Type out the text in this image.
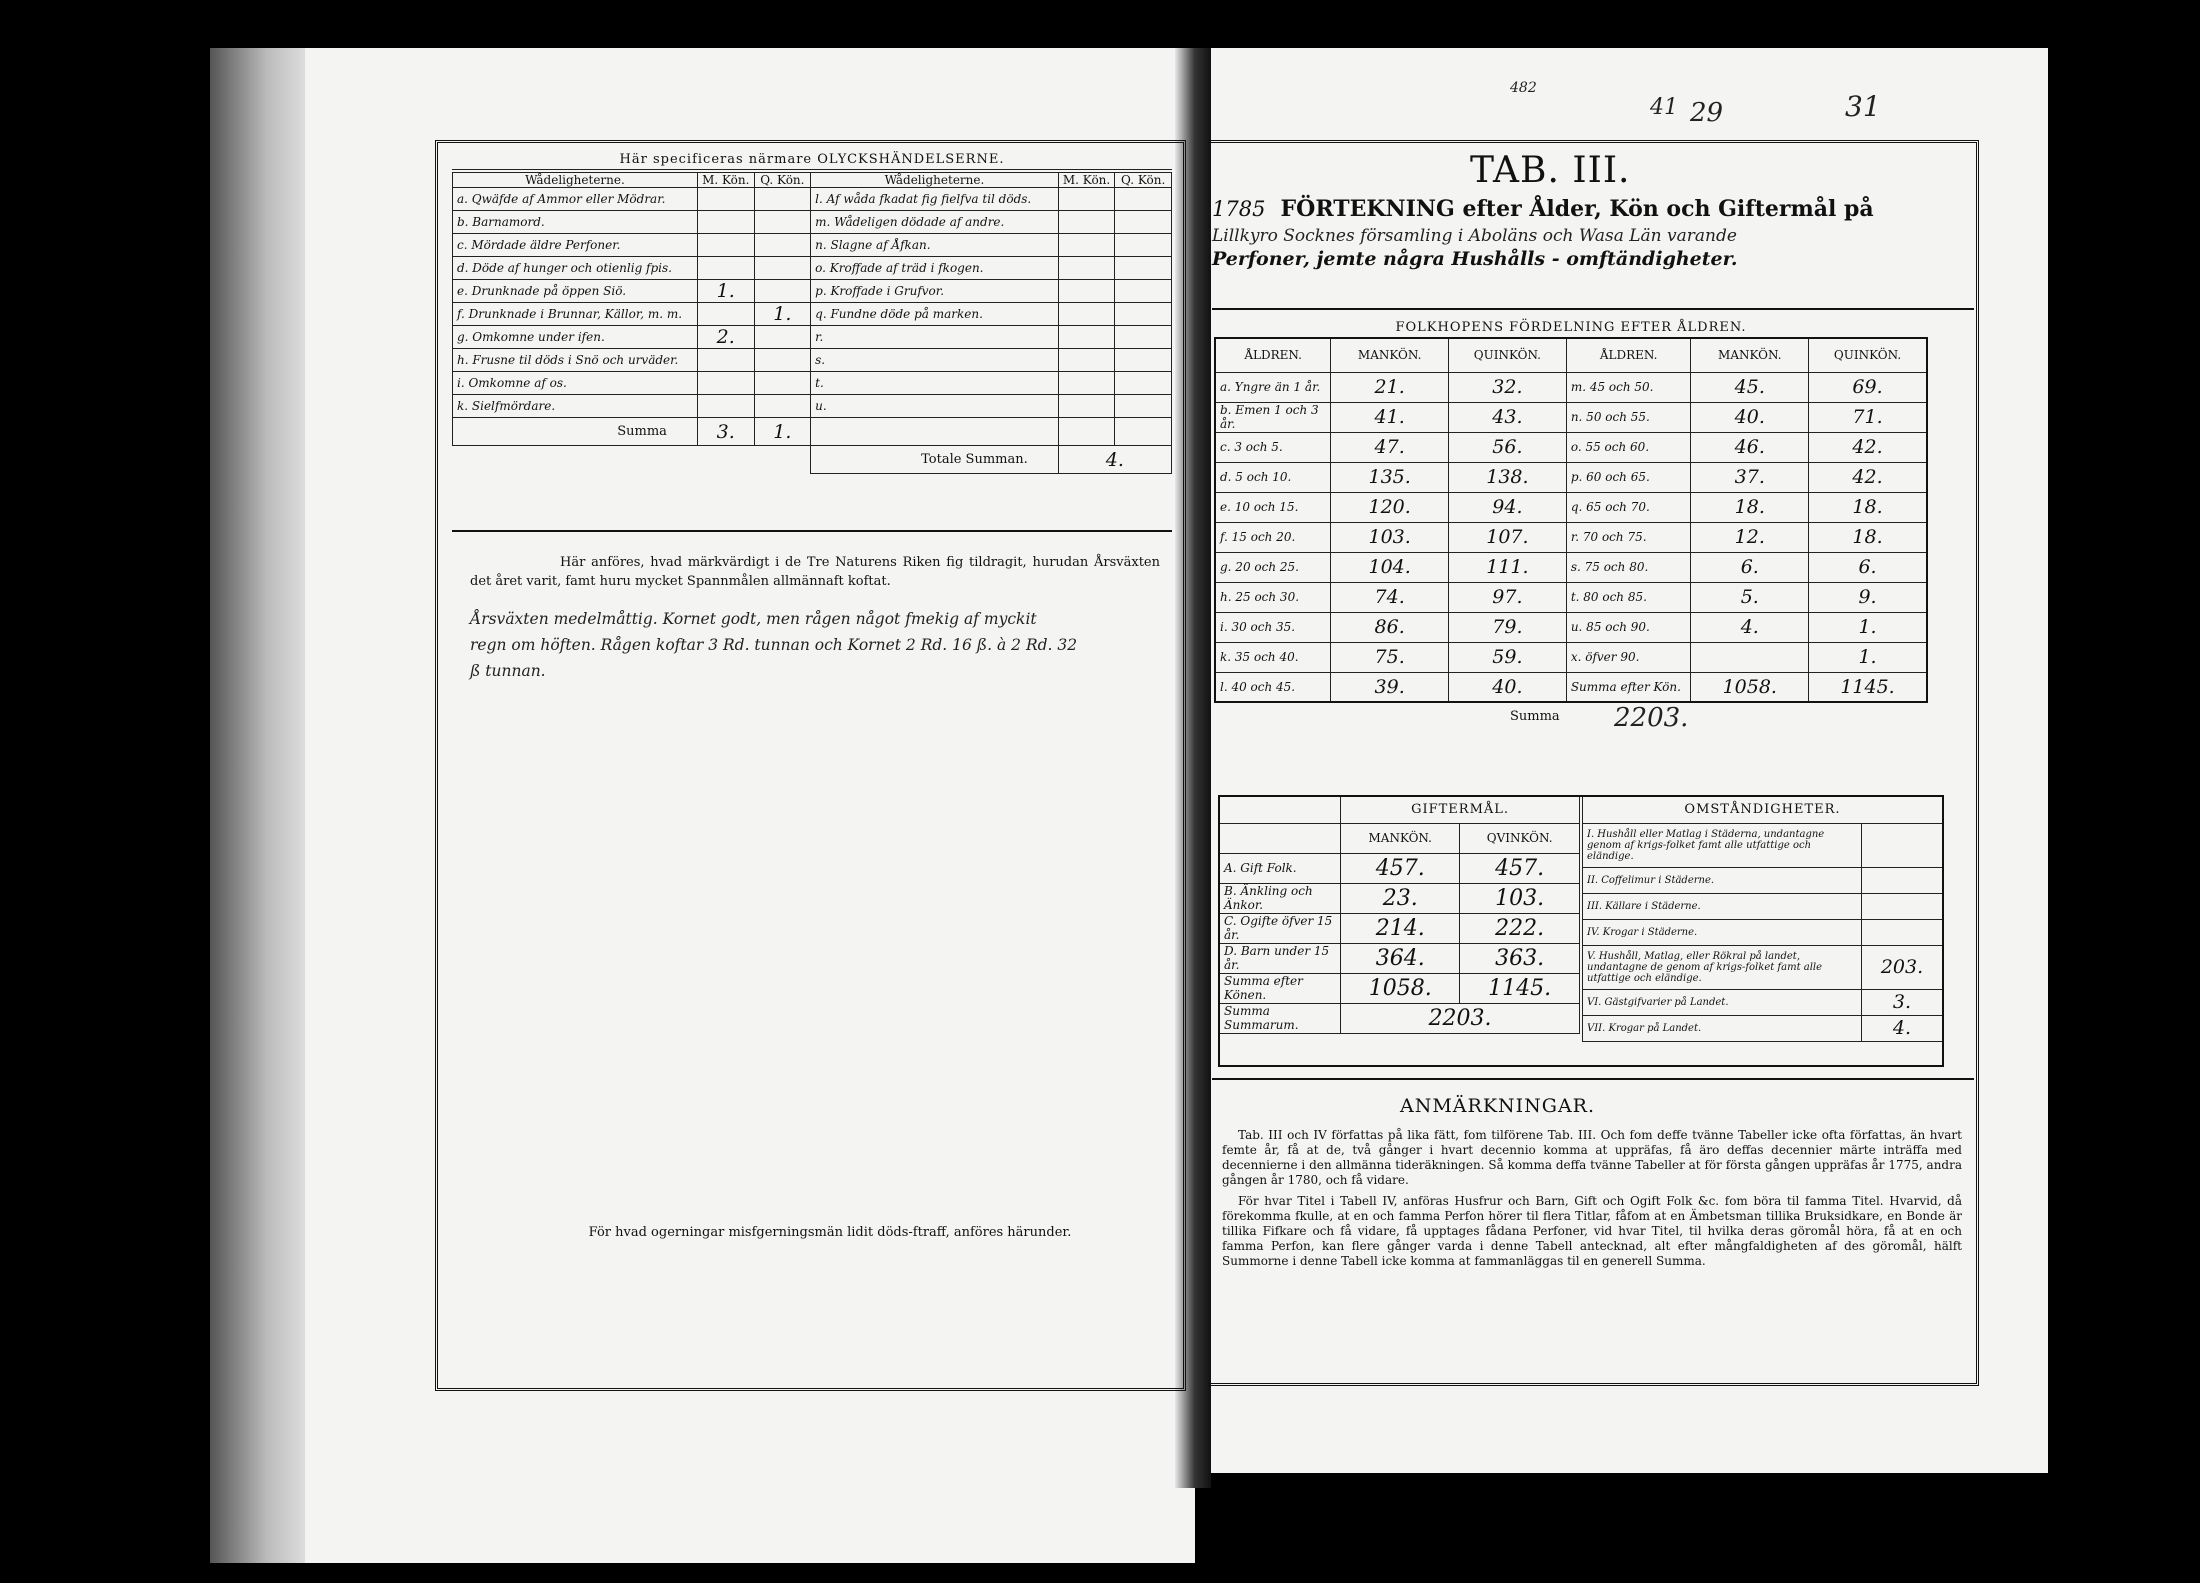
482
41 29	31
Här specificeras närmare OLYCKSHÄNDELSERNE.
Wådeligheterne.	M. Kön.	Q. Kön.	Wådeligheterne.	M. Kön.	Q. Kön.
a. Qwäfde af Ammor eller Mödrar.			l. Af wåda fkadat fig fielfva til döds.		
b. Barnamord.			m. Wådeligen dödade af andre.		
c. Mördade äldre Perfoner.			n. Slagne af Åfkan.		
d. Döde af hunger och otienlig fpis.			o. Kroffade af träd i fkogen.		
e. Drunknade på öppen Siö.	1.		p. Kroffade i Grufvor.		
f. Drunknade i Brunnar, Källor, m. m.		1.	q. Fundne döde på marken.		
g. Omkomne under ifen.	2.		r.		
h. Frusne til döds i Snö och urväder.			s.		
i. Omkomne af os.			t.		
k. Sielfmördare.			u.		
Summa	3.	1.			
			Totale Summan.	4.	
Här anföres, hvad märkvärdigt i de Tre Naturens Riken fig tildragit, hurudan Årsväxten det året varit, famt huru mycket Spannmålen allmännaft koftat.
Årsväxten medelmåttig. Kornet godt, men rågen något fmekig af myckit
regn om höften. Rågen koftar 3 Rd. tunnan och Kornet 2 Rd. 16 ß. à 2 Rd. 32
ß tunnan.
För hvad ogerningar misfgerningsmän lidit döds-ftraff, anföres härunder.
TAB. III.
1785 FÖRTEKNING efter Ålder, Kön och Giftermål på
Lillkyro Socknes församling i Aboläns och Wasa Län varande
Perfoner, jemte några Hushålls - omftändigheter.
FOLKHOPENS FÖRDELNING EFTER ÅLDREN.
ÅLDREN.	MANKÖN.	QUINKÖN.	ÅLDREN.	MANKÖN.	QUINKÖN.
a. Yngre än 1 år.	21.	32.	m. 45 och 50.	45.	69.
b. Emen 1 och 3 år.	41.	43.	n. 50 och 55.	40.	71.
c. 3 och 5.	47.	56.	o. 55 och 60.	46.	42.
d. 5 och 10.	135.	138.	p. 60 och 65.	37.	42.
e. 10 och 15.	120.	94.	q. 65 och 70.	18.	18.
f. 15 och 20.	103.	107.	r. 70 och 75.	12.	18.
g. 20 och 25.	104.	111.	s. 75 och 80.	6.	6.
h. 25 och 30.	74.	97.	t. 80 och 85.	5.	9.
i. 30 och 35.	86.	79.	u. 85 och 90.	4.	1.
k. 35 och 40.	75.	59.	x. öfver 90.		1.
l. 40 och 45.	39.	40.	Summa efter Kön.	1058.	1145.
Summa 2203.
	GIFTERMÅL.	
	MANKÖN.	QVINKÖN.
A. Gift Folk.	457.	457.
B. Änkling och Änkor.	23.	103.
C. Ogifte öfver 15 år.	214.	222.
D. Barn under 15 år.	364.	363.
Summa efter Könen.	1058.	1145.
Summa Summarum.	2203.	
OMSTÅNDIGHETER.	
I. Hushåll eller Matlag i Städerna, undantagne genom af krigs-folket famt alle utfattige och eländige.	
II. Coffelimur i Städerne.	
III. Källare i Städerne.	
IV. Krogar i Städerne.	
V. Hushåll, Matlag, eller Rökral på landet, undantagne de genom af krigs-folket famt alle utfattige och eländige.	203.
VI. Gästgifvarier på Landet.	3.
VII. Krogar på Landet.	4.
ANMÄRKNINGAR.

Tab. III och IV författas på lika fätt, fom tilförene Tab. III. Och fom deffe tvänne Tabeller icke ofta författas, än hvart femte år, få at de, två gånger i hvart decennio komma at uppräfas, få äro deffas decennier märte inträffa med decennierne i den allmänna tideräkningen. Så komma deffa tvänne Tabeller at för första gången uppräfas år 1775, andra gången år 1780, och få vidare.

För hvar Titel i Tabell IV, anföras Husfrur och Barn, Gift och Ogift Folk &c. fom böra til famma Titel. Hvarvid, då förekomma fkulle, at en och famma Perfon hörer til flera Titlar, fåfom at en Ämbetsman tillika Bruksidkare, en Bonde är tillika Fifkare och få vidare, få upptages fådana Perfoner, vid hvar Titel, til hvilka deras göromål höra, få at en och famma Perfon, kan flere gånger varda i denne Tabell antecknad, alt efter mångfaldigheten af des göromål, hälft Summorne i denne Tabell icke komma at fammanläggas til en generell Summa.
